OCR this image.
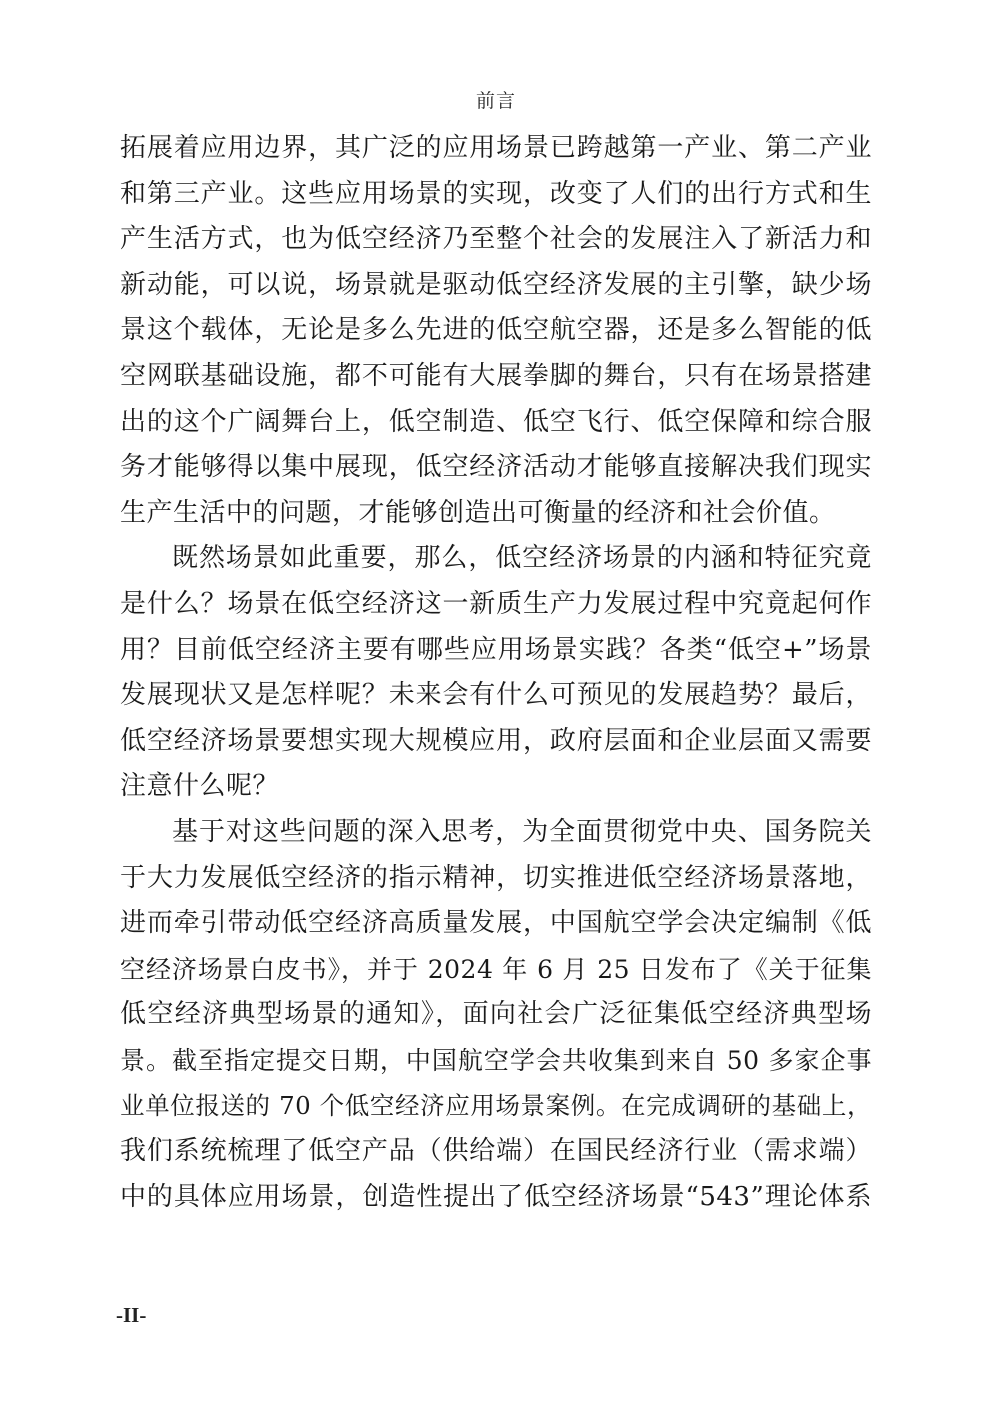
前言
拓展着应用边界，其广泛的应用场景已跨越第一产业、第二产业
和第三产业。这些应用场景的实现，改变了人们的出行方式和生
产生活方式，也为低空经济乃至整个社会的发展注入了新活力和
新动能，可以说，场景就是驱动低空经济发展的主引擎，缺少场
景这个载体，无论是多么先进的低空航空器，还是多么智能的低
空网联基础设施，都不可能有大展拳脚的舞台，只有在场景搭建
出的这个广阔舞台上，低空制造、低空飞行、低空保障和综合服
务才能够得以集中展现，低空经济活动才能够直接解决我们现实
生产生活中的问题，才能够创造出可衡量的经济和社会价值。
既然场景如此重要，那么，低空经济场景的内涵和特征究竟
是什么？场景在低空经济这一新质生产力发展过程中究竟起何作
用？目前低空经济主要有哪些应用场景实践？各类“低空+”场景
发展现状又是怎样呢？未来会有什么可预见的发展趋势？最后，
低空经济场景要想实现大规模应用，政府层面和企业层面又需要
注意什么呢？
基于对这些问题的深入思考，为全面贯彻党中央、国务院关
于大力发展低空经济的指示精神，切实推进低空经济场景落地，
进而牵引带动低空经济高质量发展，中国航空学会决定编制《低
空经济场景白皮书》，并于 2024 年 6 月 25 日发布了《关于征集
低空经济典型场景的通知》，面向社会广泛征集低空经济典型场
景。截至指定提交日期，中国航空学会共收集到来自 50 多家企事
业单位报送的 70 个低空经济应用场景案例。在完成调研的基础上，
我们系统梳理了低空产品（供给端）在国民经济行业（需求端）
中的具体应用场景，创造性提出了低空经济场景“543”理论体系
-II-
